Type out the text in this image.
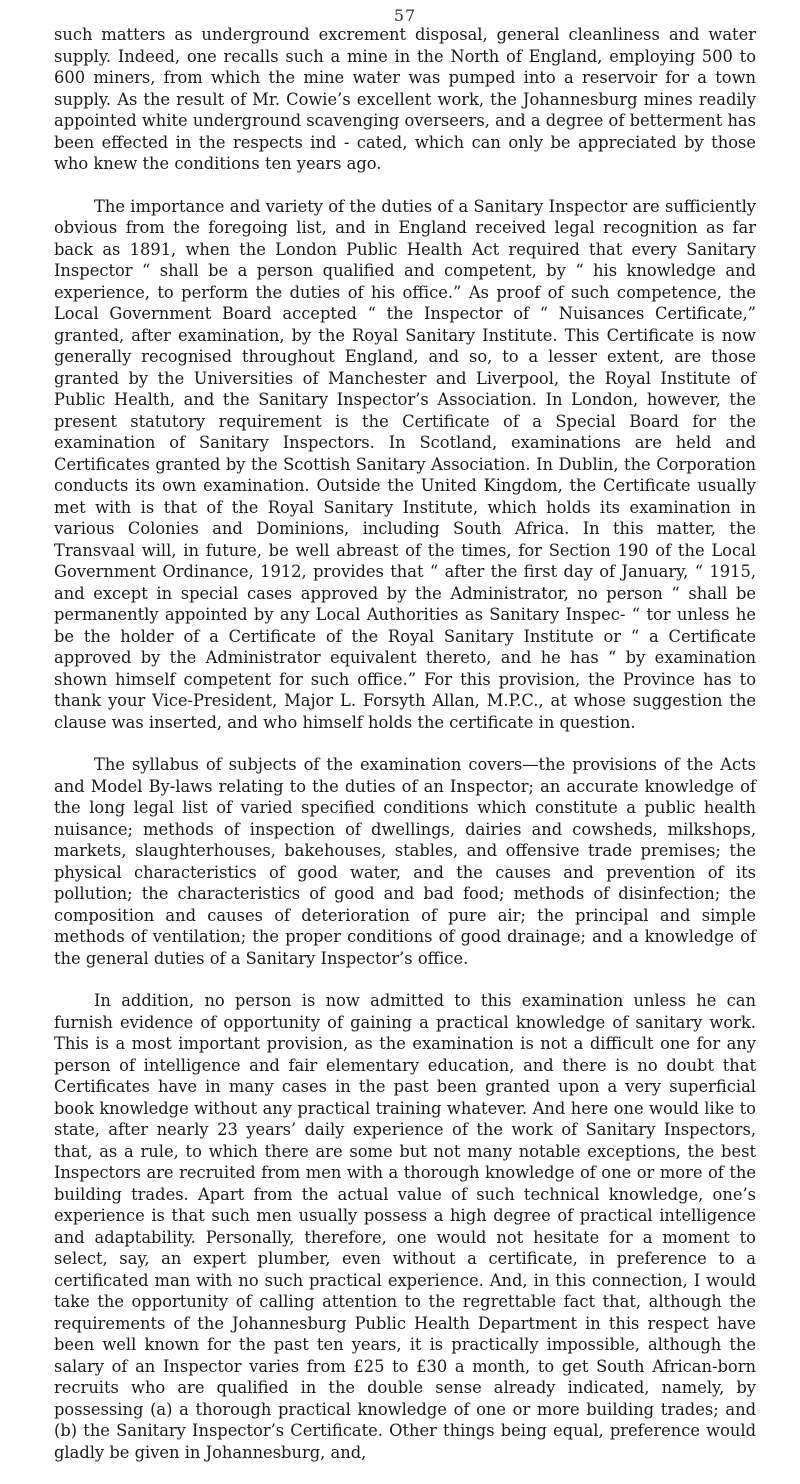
57

such matters as underground excrement disposal, general cleanliness and water supply. Indeed, one recalls such a mine in the North of England, employing 500 to 600 miners, from which the mine water was pumped into a reservoir for a town supply. As the result of Mr. Cowie’s excellent work, the Johannesburg mines readily appointed white underground scavenging overseers, and a degree of betterment has been effected in the respects ind - cated, which can only be appreciated by those who knew the conditions ten years ago.

The importance and variety of the duties of a Sanitary Inspector are sufficiently obvious from the foregoing list, and in England received legal recognition as far back as 1891, when the London Public Health Act required that every Sanitary Inspector “ shall be a person qualified and competent, by “ his knowledge and experience, to perform the duties of his office.” As proof of such competence, the Local Government Board accepted “ the Inspector of “ Nuisances Certificate,” granted, after examination, by the Royal Sanitary Institute. This Certificate is now generally recognised throughout England, and so, to a lesser extent, are those granted by the Universities of Manchester and Liverpool, the Royal Institute of Public Health, and the Sanitary Inspector’s Association. In London, however, the present statutory requirement is the Certificate of a Special Board for the examination of Sanitary Inspectors. In Scotland, examinations are held and Certificates granted by the Scottish Sanitary Association. In Dublin, the Corporation conducts its own examination. Outside the United Kingdom, the Certificate usually met with is that of the Royal Sanitary Institute, which holds its examination in various Colonies and Dominions, including South Africa. In this matter, the Transvaal will, in future, be well abreast of the times, for Section 190 of the Local Government Ordinance, 1912, provides that “ after the first day of January, “ 1915, and except in special cases approved by the Administrator, no person “ shall be permanently appointed by any Local Authorities as Sanitary Inspec- “ tor unless he be the holder of a Certificate of the Royal Sanitary Institute or “ a Certificate approved by the Administrator equivalent thereto, and he has “ by examination shown himself competent for such office.” For this provision, the Province has to thank your Vice-President, Major L. Forsyth Allan, M.P.C., at whose suggestion the clause was inserted, and who himself holds the certificate in question.

The syllabus of subjects of the examination covers—the provisions of the Acts and Model By-laws relating to the duties of an Inspector; an accurate knowledge of the long legal list of varied specified conditions which constitute a public health nuisance; methods of inspection of dwellings, dairies and cowsheds, milkshops, markets, slaughterhouses, bakehouses, stables, and offensive trade premises; the physical characteristics of good water, and the causes and prevention of its pollution; the characteristics of good and bad food; methods of disinfection; the composition and causes of deterioration of pure air; the principal and simple methods of ventilation; the proper conditions of good drainage; and a knowledge of the general duties of a Sanitary Inspector’s office.

In addition, no person is now admitted to this examination unless he can furnish evidence of opportunity of gaining a practical knowledge of sanitary work. This is a most important provision, as the examination is not a difficult one for any person of intelligence and fair elementary education, and there is no doubt that Certificates have in many cases in the past been granted upon a very superficial book knowledge without any practical training whatever. And here one would like to state, after nearly 23 years’ daily experience of the work of Sanitary Inspectors, that, as a rule, to which there are some but not many notable exceptions, the best Inspectors are recruited from men with a thorough knowledge of one or more of the building trades. Apart from the actual value of such technical knowledge, one’s experience is that such men usually possess a high degree of practical intelligence and adaptability. Personally, therefore, one would not hesitate for a moment to select, say, an expert plumber, even without a certificate, in preference to a certificated man with no such practical experience. And, in this connection, I would take the opportunity of calling attention to the regrettable fact that, although the requirements of the Johannesburg Public Health Department in this respect have been well known for the past ten years, it is practically impossible, although the salary of an Inspector varies from £25 to £30 a month, to get South African-born recruits who are qualified in the double sense already indicated, namely, by possessing (a) a thorough practical knowledge of one or more building trades; and (b) the Sanitary Inspector’s Certificate. Other things being equal, preference would gladly be given in Johannesburg, and,
